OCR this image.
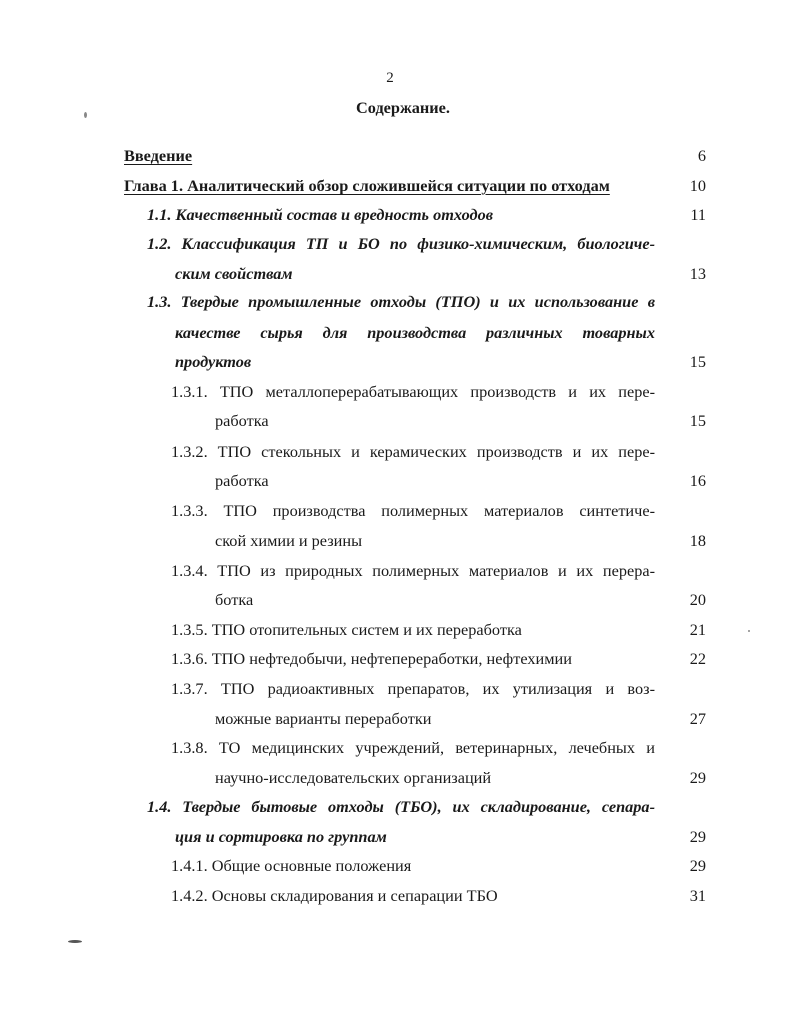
2
Содержание.
Введение	6
Глава 1. Аналитический обзор сложившейся ситуации по отходам	10
1.1. Качественный состав и вредность отходов	11
1.2. Классификация ТП и БО по физико-химическим, биологиче-
ским свойствам	13
1.3. Твердые промышленные отходы (ТПО) и их использование в
качестве сырья для производства различных товарных
продуктов	15
1.3.1. ТПО металлоперерабатывающих производств и их пере-
работка	15
1.3.2. ТПО стекольных и керамических производств и их пере-
работка	16
1.3.3. ТПО производства полимерных материалов синтетиче-
ской химии и резины	18
1.3.4. ТПО из природных полимерных материалов и их перера-
ботка	20
1.3.5. ТПО отопительных систем и их переработка	21
1.3.6. ТПО нефтедобычи, нефтепереработки, нефтехимии	22
1.3.7. ТПО радиоактивных препаратов, их утилизация и воз-
можные варианты переработки	27
1.3.8. ТО медицинских учреждений, ветеринарных, лечебных и
научно-исследовательских организаций	29
1.4. Твердые бытовые отходы (ТБО), их складирование, сепара-
ция и сортировка по группам	29
1.4.1. Общие основные положения	29
1.4.2. Основы складирования и сепарации ТБО	31
